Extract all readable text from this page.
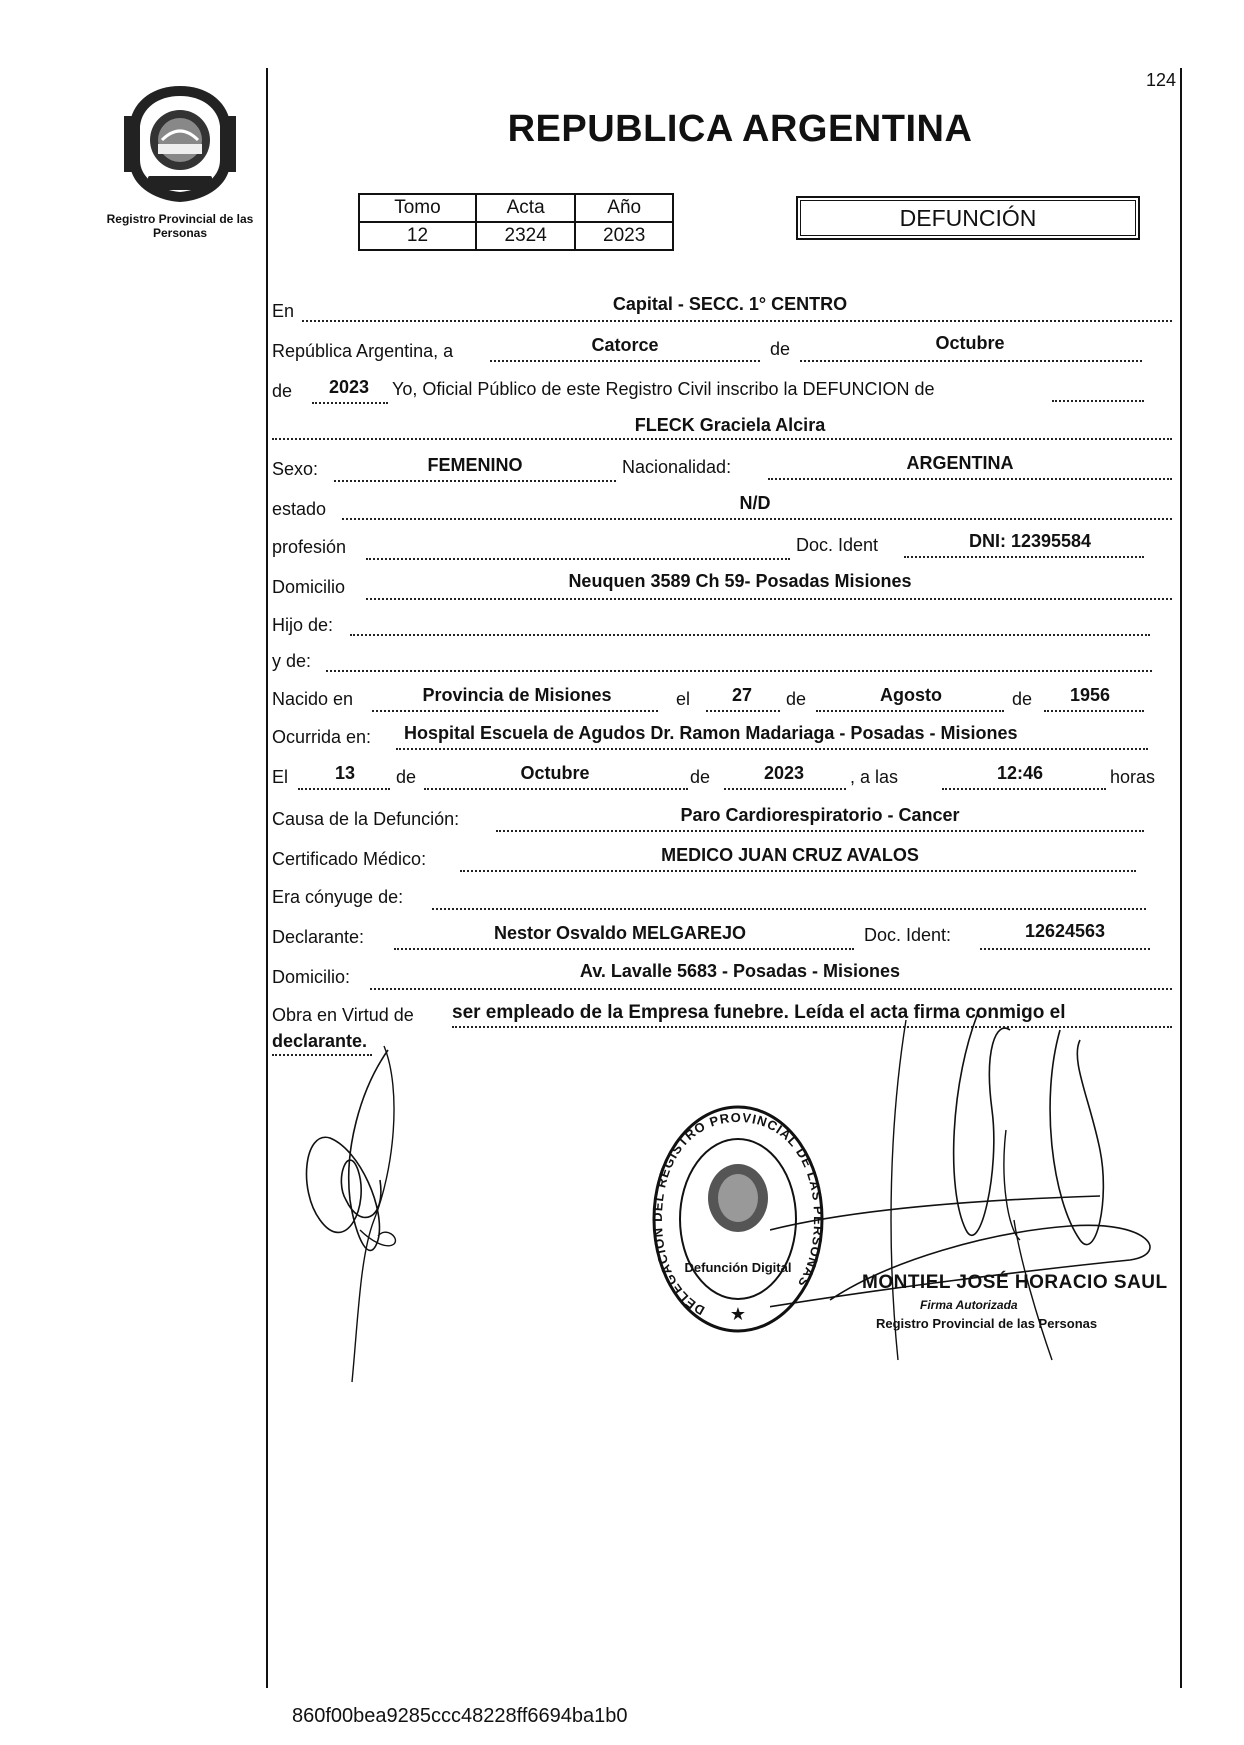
Registro Provincial de las Personas
124
REPUBLICA ARGENTINA
Tomo	Acta	Año
12	2324	2023
DEFUNCIÓN
En	Capital - SECC. 1° CENTRO
República Argentina, a	Catorce	de	Octubre
de	2023	Yo, Oficial Público de este Registro Civil inscribo la DEFUNCION de
FLECK Graciela Alcira
Sexo:	FEMENINO	Nacionalidad:	ARGENTINA
estado	N/D
profesión	Doc. Ident	DNI: 12395584
Domicilio	Neuquen 3589 Ch 59- Posadas Misiones
Hijo de:
y de:
Nacido en	Provincia de Misiones	el	27	de	Agosto	de	1956
Ocurrida en: Hospital Escuela de Agudos Dr. Ramon Madariaga - Posadas - Misiones
El	13	de	Octubre	de	2023	, a las	12:46	horas
Causa de la Defunción:	Paro Cardiorespiratorio - Cancer
Certificado Médico:	MEDICO JUAN CRUZ AVALOS
Era cónyuge de:
Declarante:	Nestor Osvaldo MELGAREJO	Doc. Ident:	12624563
Domicilio:	Av. Lavalle 5683 - Posadas - Misiones
Obra en Virtud de ser empleado de la Empresa funebre. Leída el acta firma conmigo el
declarante.
DELEGACION DEL REGISTRO PROVINCIAL DE LAS PERSONAS
Defunción Digital
★
MONTIEL JOSÉ HORACIO SAUL
Firma Autorizada
Registro Provincial de las Personas
860f00bea9285ccc48228ff6694ba1b0
